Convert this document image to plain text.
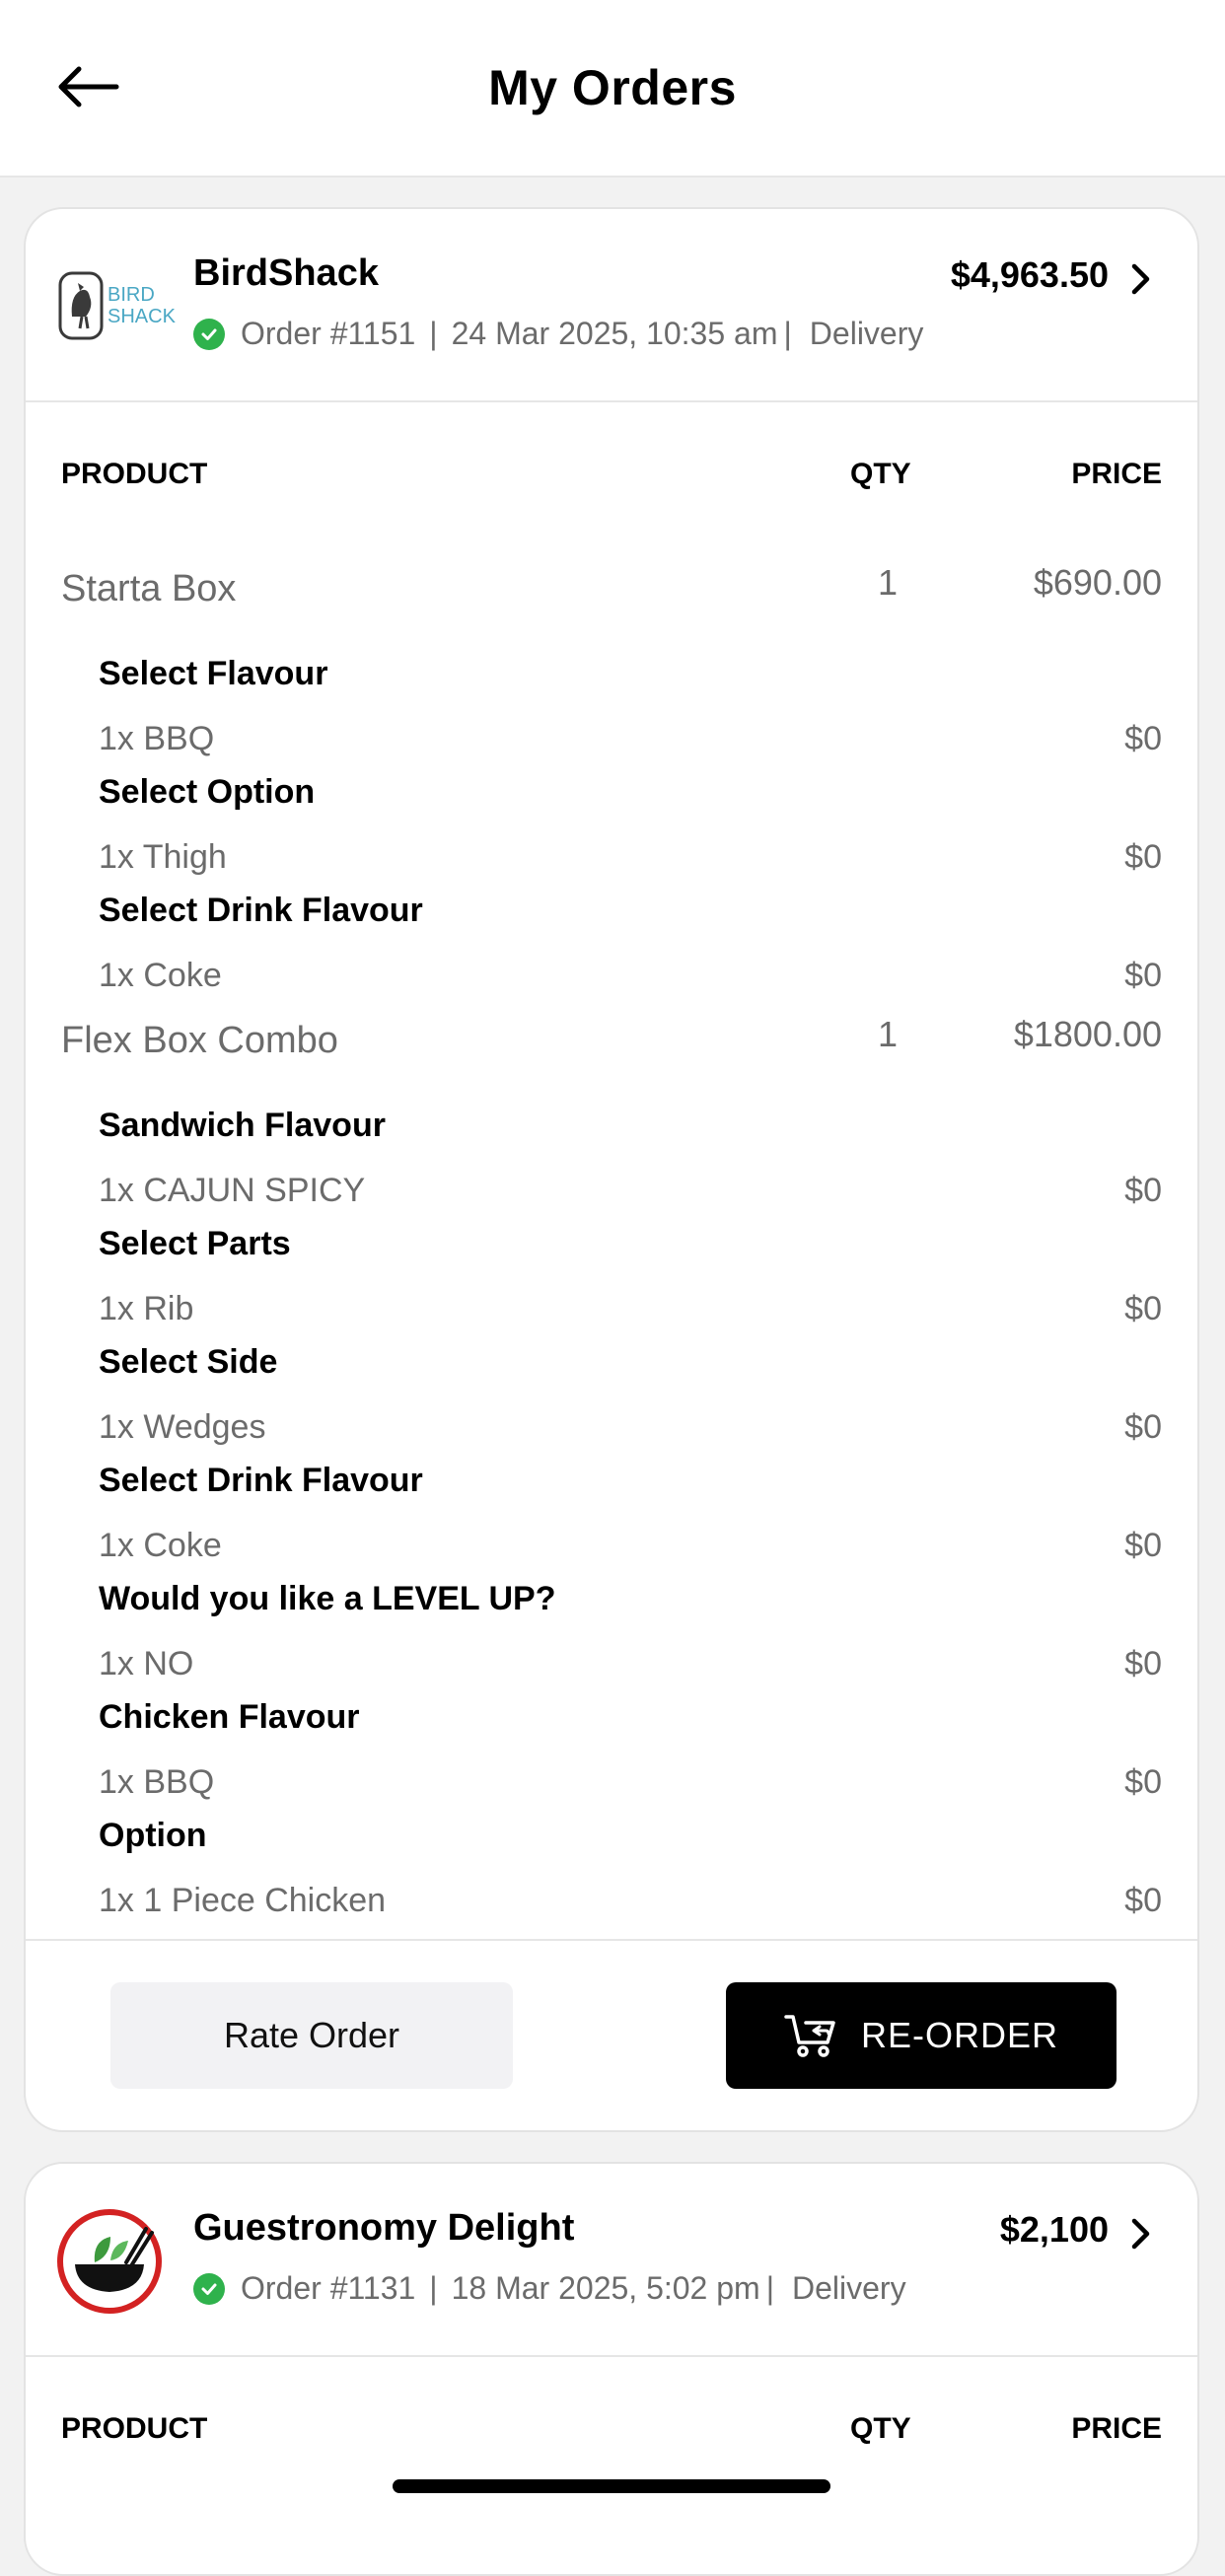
My Orders
BIRD
SHACK
BirdShack
Order #1151 | 24 Mar 2025, 10:35 am | Delivery
$4,963.50
PRODUCT	QTY	PRICE
Starta Box	1	$690.00
Select Flavour
1x BBQ	$0
Select Option
1x Thigh	$0
Select Drink Flavour
1x Coke	$0
Flex Box Combo	1	$1800.00
Sandwich Flavour
1x CAJUN SPICY	$0
Select Parts
1x Rib	$0
Select Side
1x Wedges	$0
Select Drink Flavour
1x Coke	$0
Would you like a LEVEL UP?
1x NO	$0
Chicken Flavour
1x BBQ	$0
Option
1x 1 Piece Chicken	$0
Rate Order	RE-ORDER
Guestronomy Delight
Order #1131 | 18 Mar 2025, 5:02 pm | Delivery
$2,100
PRODUCT	QTY	PRICE
